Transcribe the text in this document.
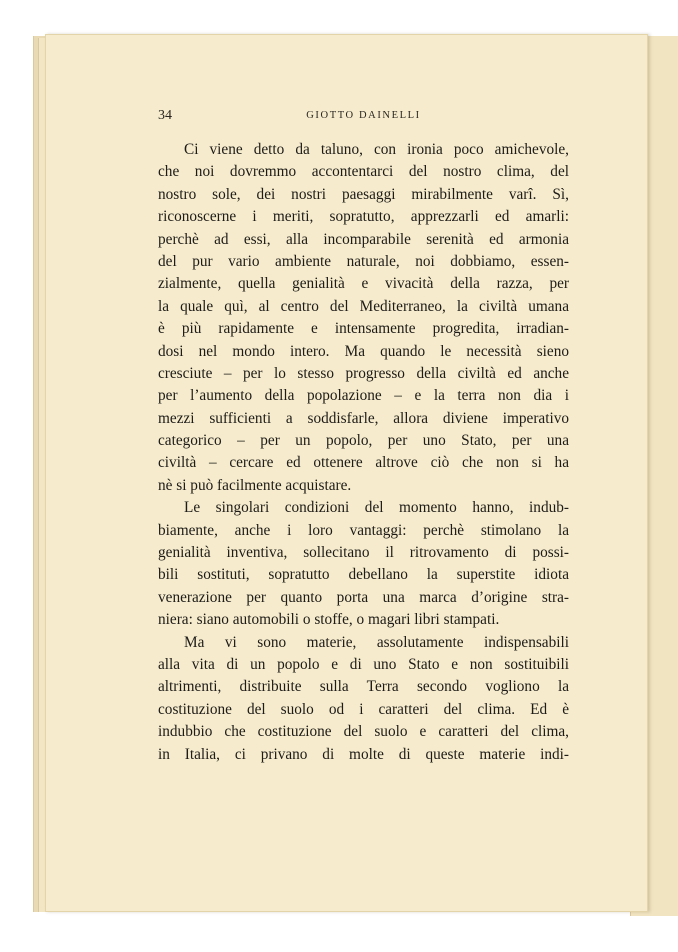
34	GIOTTO DAINELLI
Ci viene detto da taluno, con ironia poco amichevole,
che noi dovremmo accontentarci del nostro clima, del
nostro sole, dei nostri paesaggi mirabilmente varî. Sì,
riconoscerne i meriti, sopratutto, apprezzarli ed amarli:
perchè ad essi, alla incomparabile serenità ed armonia
del pur vario ambiente naturale, noi dobbiamo, essen-
zialmente, quella genialità e vivacità della razza, per
la quale quì, al centro del Mediterraneo, la civiltà umana
è più rapidamente e intensamente progredita, irradian-
dosi nel mondo intero. Ma quando le necessità sieno
cresciute – per lo stesso progresso della civiltà ed anche
per l’aumento della popolazione – e la terra non dia i
mezzi sufficienti a soddisfarle, allora diviene imperativo
categorico – per un popolo, per uno Stato, per una
civiltà – cercare ed ottenere altrove ciò che non si ha
nè si può facilmente acquistare.
Le singolari condizioni del momento hanno, indub-
biamente, anche i loro vantaggi: perchè stimolano la
genialità inventiva, sollecitano il ritrovamento di possi-
bili sostituti, sopratutto debellano la superstite idiota
venerazione per quanto porta una marca d’origine stra-
niera: siano automobili o stoffe, o magari libri stampati.
Ma vi sono materie, assolutamente indispensabili
alla vita di un popolo e di uno Stato e non sostituibili
altrimenti, distribuite sulla Terra secondo vogliono la
costituzione del suolo od i caratteri del clima. Ed è
indubbio che costituzione del suolo e caratteri del clima,
in Italia, ci privano di molte di queste materie indi-
